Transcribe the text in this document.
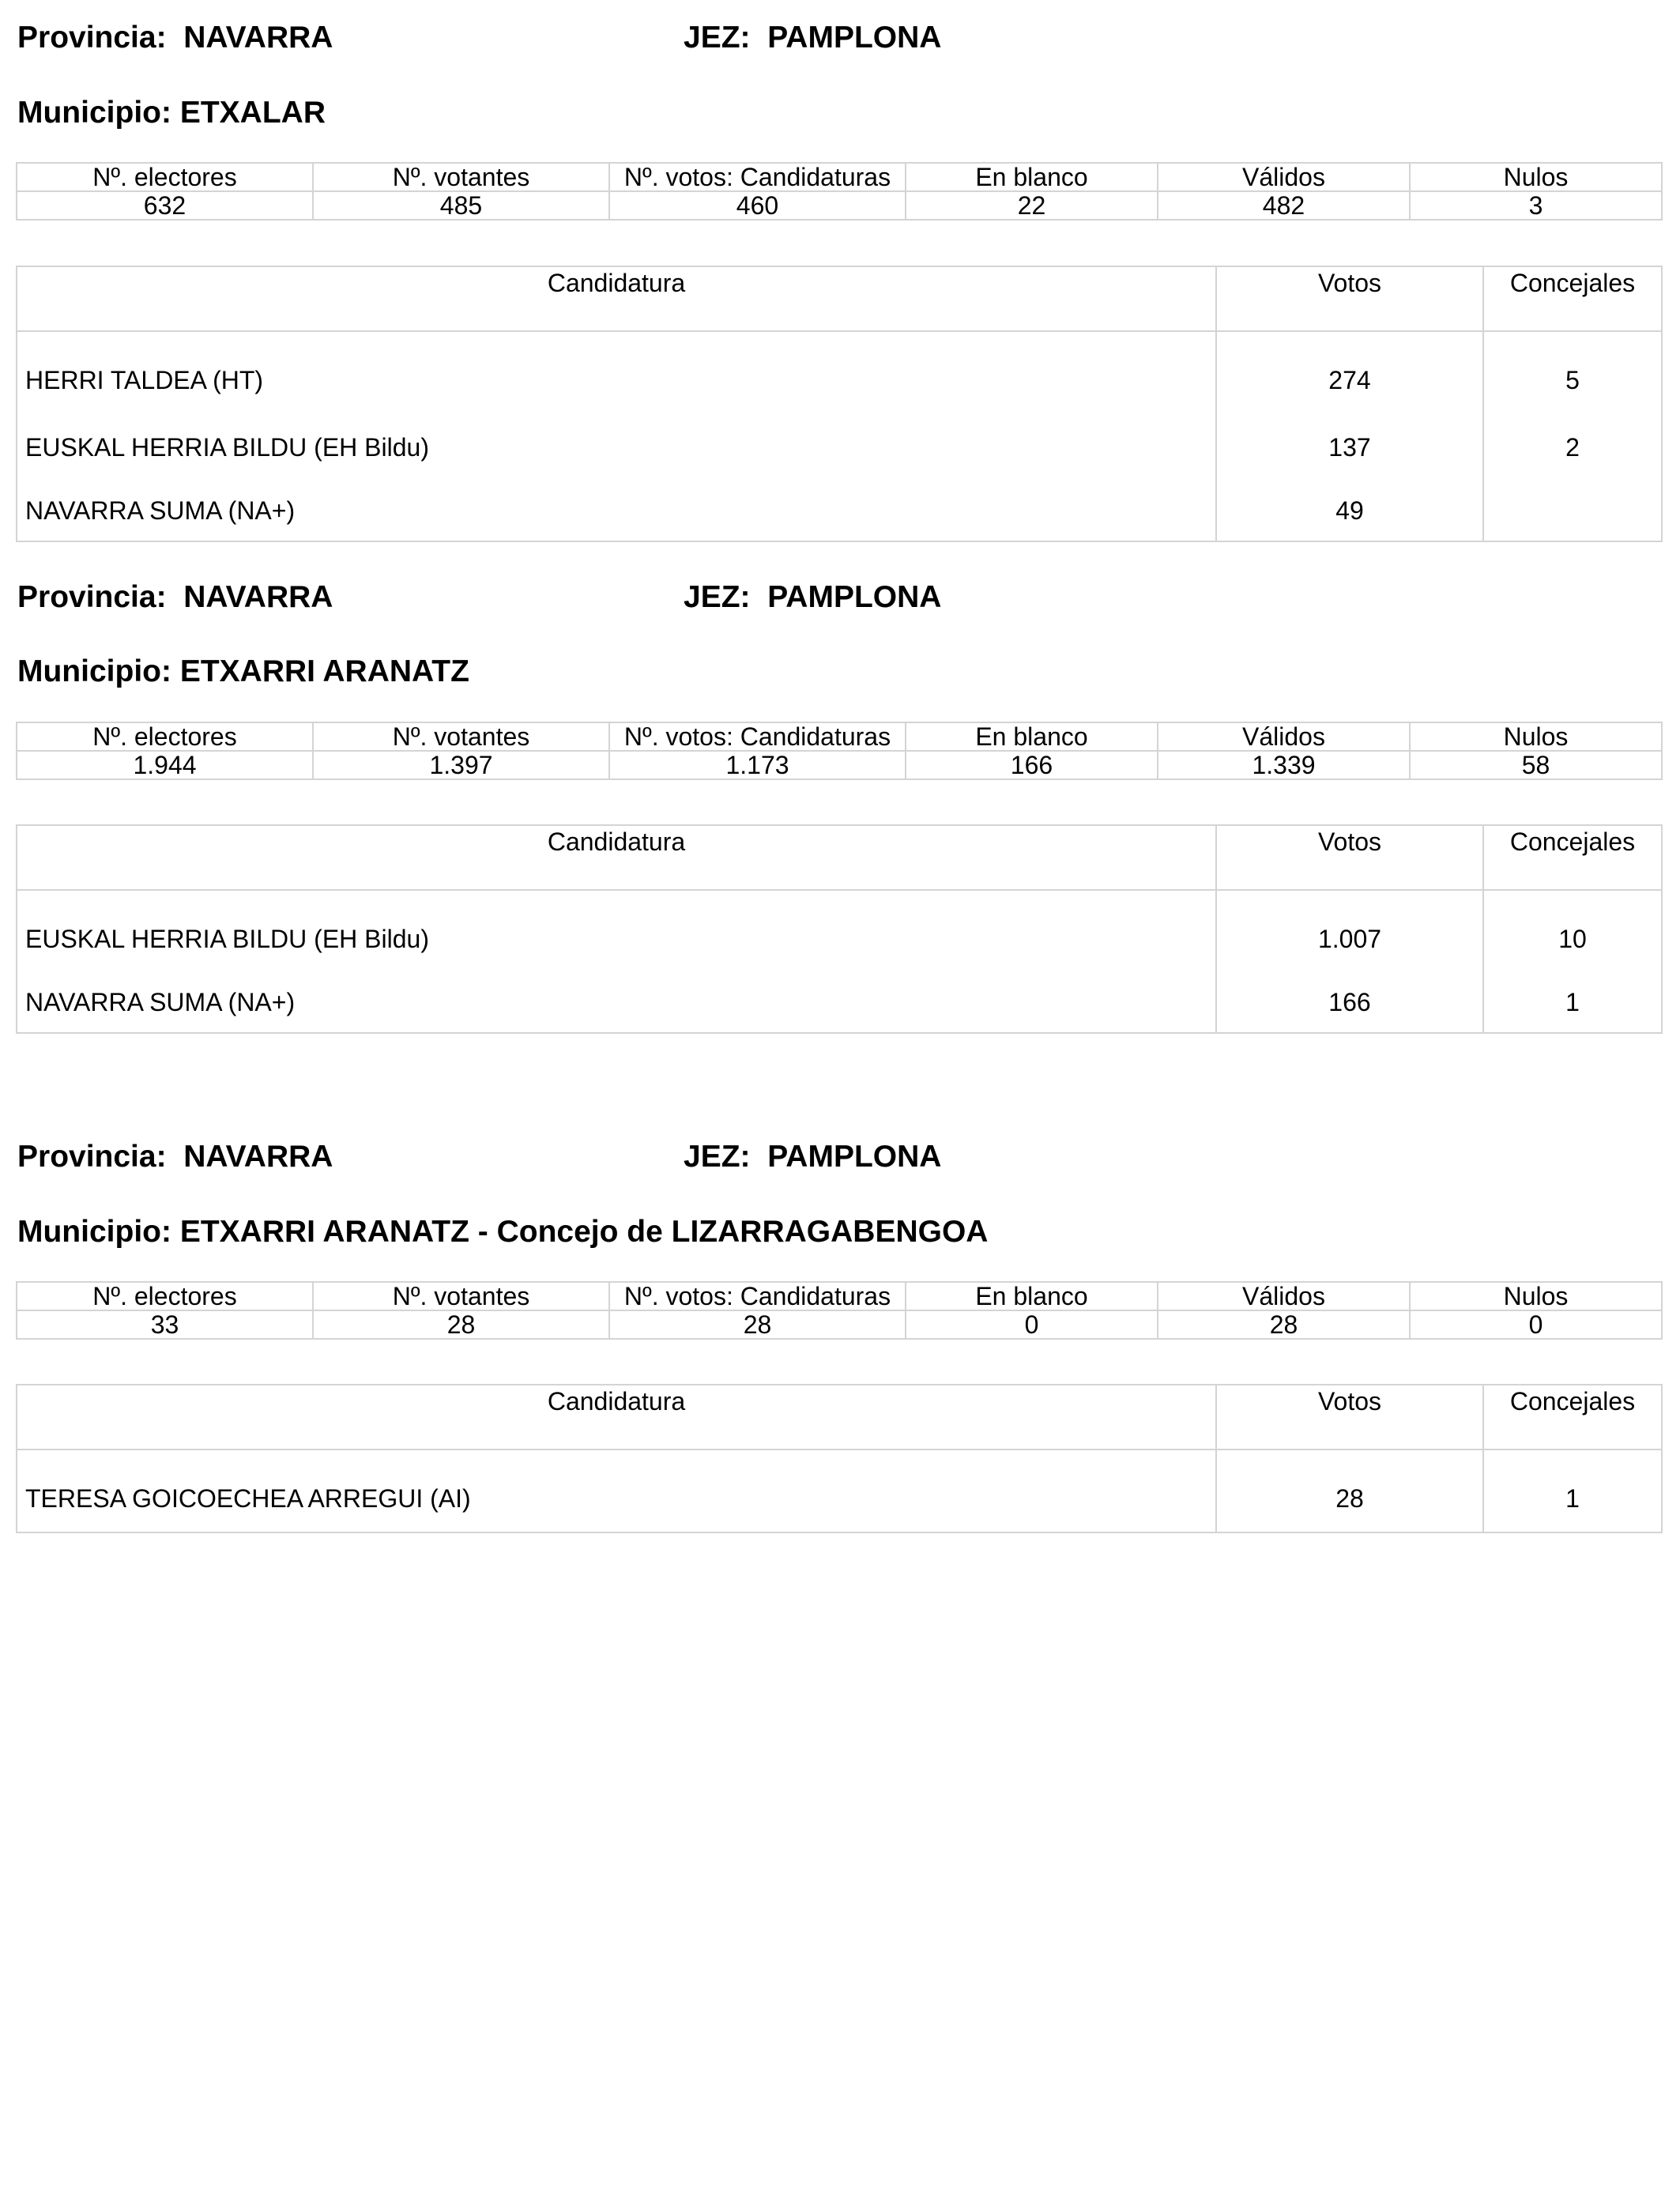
Provincia: NAVARRA	JEZ: PAMPLONA
Municipio: ETXALAR
Nº. electores	Nº. votantes	Nº. votos: Candidaturas	En blanco	Válidos	Nulos
632	485	460	22	482	3
Candidatura	Votos	Concejales
HERRI TALDEA (HT)	274	5
EUSKAL HERRIA BILDU (EH Bildu)	137	2
NAVARRA SUMA (NA+)	49	
Provincia: NAVARRA	JEZ: PAMPLONA
Municipio: ETXARRI ARANATZ
Nº. electores	Nº. votantes	Nº. votos: Candidaturas	En blanco	Válidos	Nulos
1.944	1.397	1.173	166	1.339	58
Candidatura	Votos	Concejales
EUSKAL HERRIA BILDU (EH Bildu)	1.007	10
NAVARRA SUMA (NA+)	166	1
Provincia: NAVARRA	JEZ: PAMPLONA
Municipio: ETXARRI ARANATZ - Concejo de LIZARRAGABENGOA
Nº. electores	Nº. votantes	Nº. votos: Candidaturas	En blanco	Válidos	Nulos
33	28	28	0	28	0
Candidatura	Votos	Concejales
TERESA GOICOECHEA ARREGUI (AI)	28	1
